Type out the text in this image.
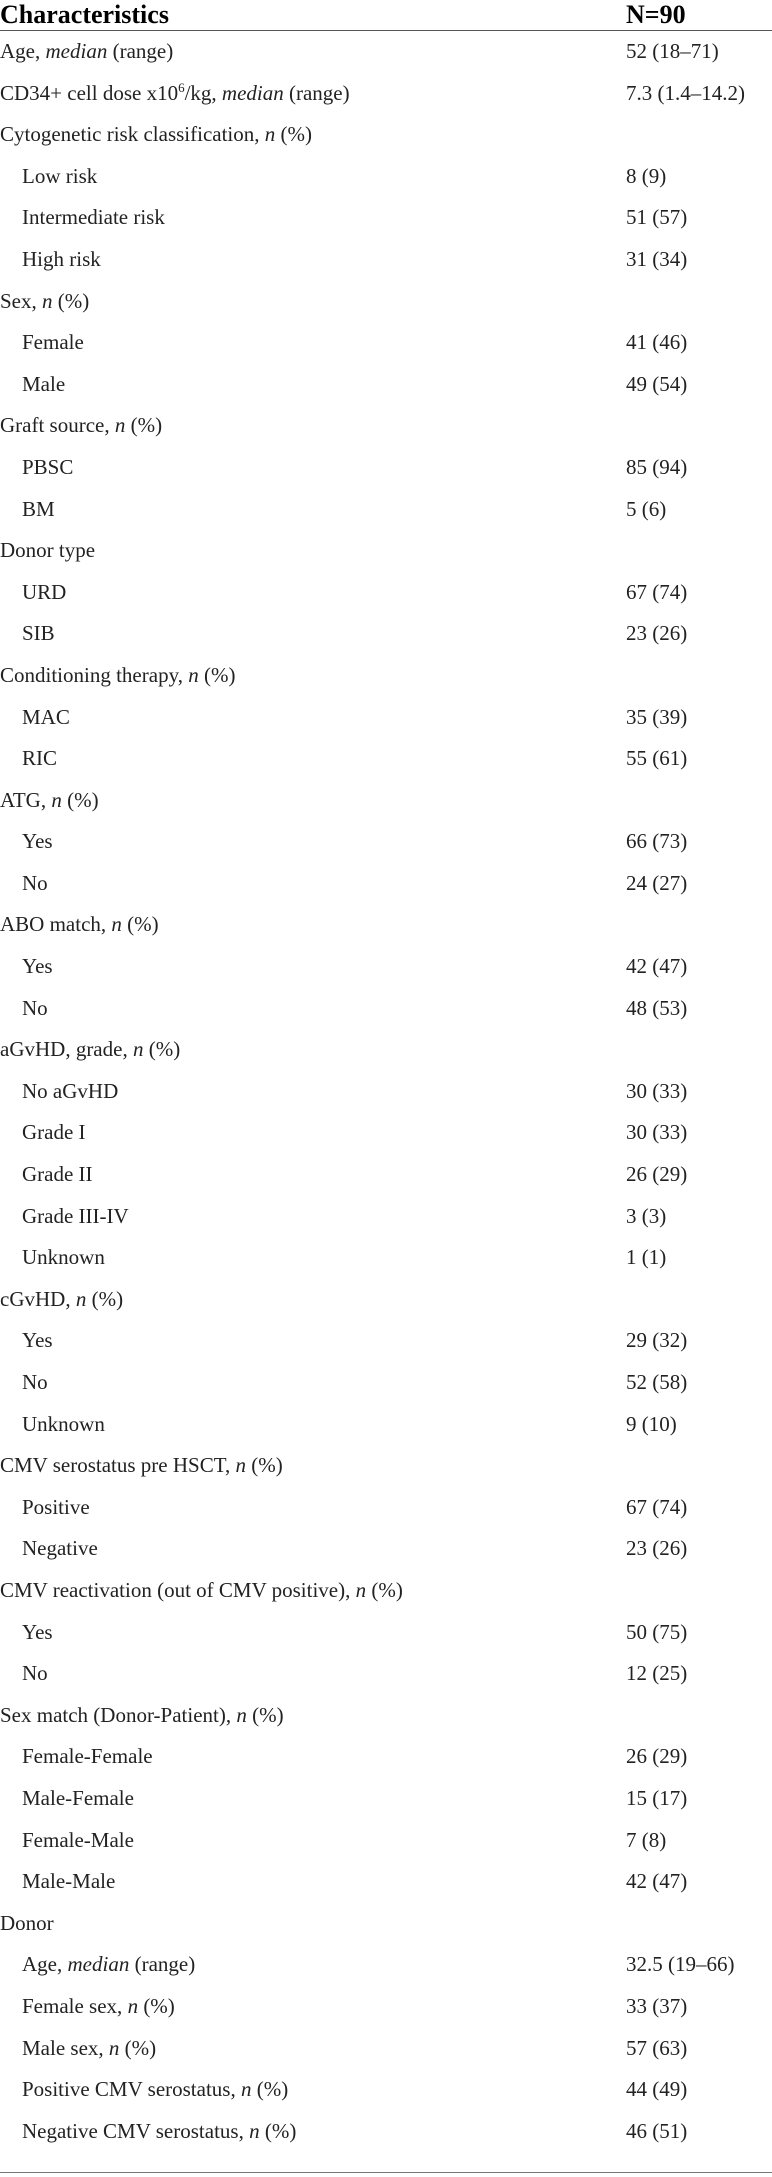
Characteristics	N=90
Age, median (range)	52 (18–71)
CD34+ cell dose $x10^6/kg$, median (range)	7.3 (1.4–14.2)
Cytogenetic risk classification, n (%)
Low risk	8 (9)
Intermediate risk	51 (57)
High risk	31 (34)
Sex, n (%)
Female	41 (46)
Male	49 (54)
Graft source, n (%)
PBSC	85 (94)
BM	5 (6)
Donor type
URD	67 (74)
SIB	23 (26)
Conditioning therapy, n (%)
MAC	35 (39)
RIC	55 (61)
ATG, n (%)
Yes	66 (73)
No	24 (27)
ABO match, n (%)
Yes	42 (47)
No	48 (53)
aGvHD, grade, n (%)
No aGvHD	30 (33)
Grade I	30 (33)
Grade II	26 (29)
Grade III-IV	3 (3)
Unknown	1 (1)
cGvHD, n (%)
Yes	29 (32)
No	52 (58)
Unknown	9 (10)
CMV serostatus pre HSCT, n (%)
Positive	67 (74)
Negative	23 (26)
CMV reactivation (out of CMV positive), n (%)
Yes	50 (75)
No	12 (25)
Sex match (Donor-Patient), n (%)
Female-Female	26 (29)
Male-Female	15 (17)
Female-Male	7 (8)
Male-Male	42 (47)
Donor
Age, median (range)	32.5 (19–66)
Female sex, n (%)	33 (37)
Male sex, n (%)	57 (63)
Positive CMV serostatus, n (%)	44 (49)
Negative CMV serostatus, n (%)	46 (51)
